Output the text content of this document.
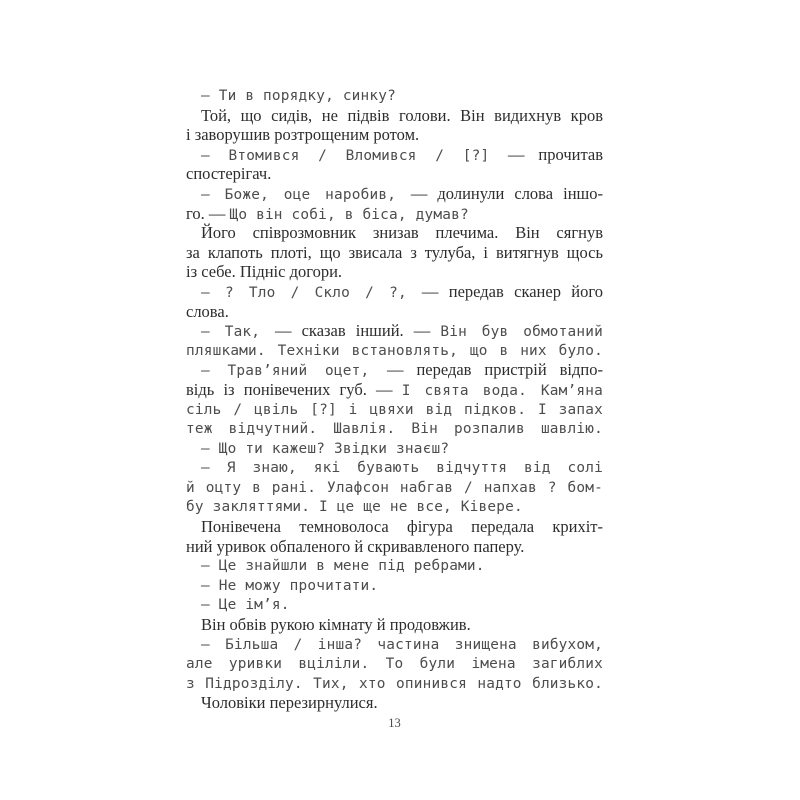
— Ти в порядку, синку?
Той, що сидів, не підвів голови. Він видихнув кров
і заворушив розтрощеним ротом.
— Втомився / Вломився / [?] — прочитав
спостерігач.
— Боже, оце наробив, — долинули слова іншо-
го. — Що він собі, в біса, думав?
Його співрозмовник знизав плечима. Він сягнув
за клапоть плоті, що звисала з тулуба, і витягнув щось
із себе. Підніс догори.
— ? Тло / Скло / ?, — передав сканер його
слова.
— Так, — сказав інший. — Він був обмотаний
пляшками. Техніки встановлять, що в них було.
— Трав’яний оцет, — передав пристрій відпо-
відь із понівечених губ. — І свята вода. Кам’яна
сіль / цвіль [?] і цвяхи від підков. І запах
теж відчутний. Шавлія. Він розпалив шавлію.
— Що ти кажеш? Звідки знаєш?
— Я знаю, які бувають відчуття від солі
й оцту в рані. Улафсон набгав / напхав ? бом-
бу закляттями. І це ще не все, Ківере.
Понівечена темноволоса фігура передала крихіт-
ний уривок обпаленого й скривавленого паперу.
— Це знайшли в мене під ребрами.
— Не можу прочитати.
— Це ім’я.
Він обвів рукою кімнату й продовжив.
— Більша / інша? частина знищена вибухом,
але уривки вціліли. То були імена загиблих
з Підрозділу. Тих, хто опинився надто близько.
Чоловіки перезирнулися.
13
